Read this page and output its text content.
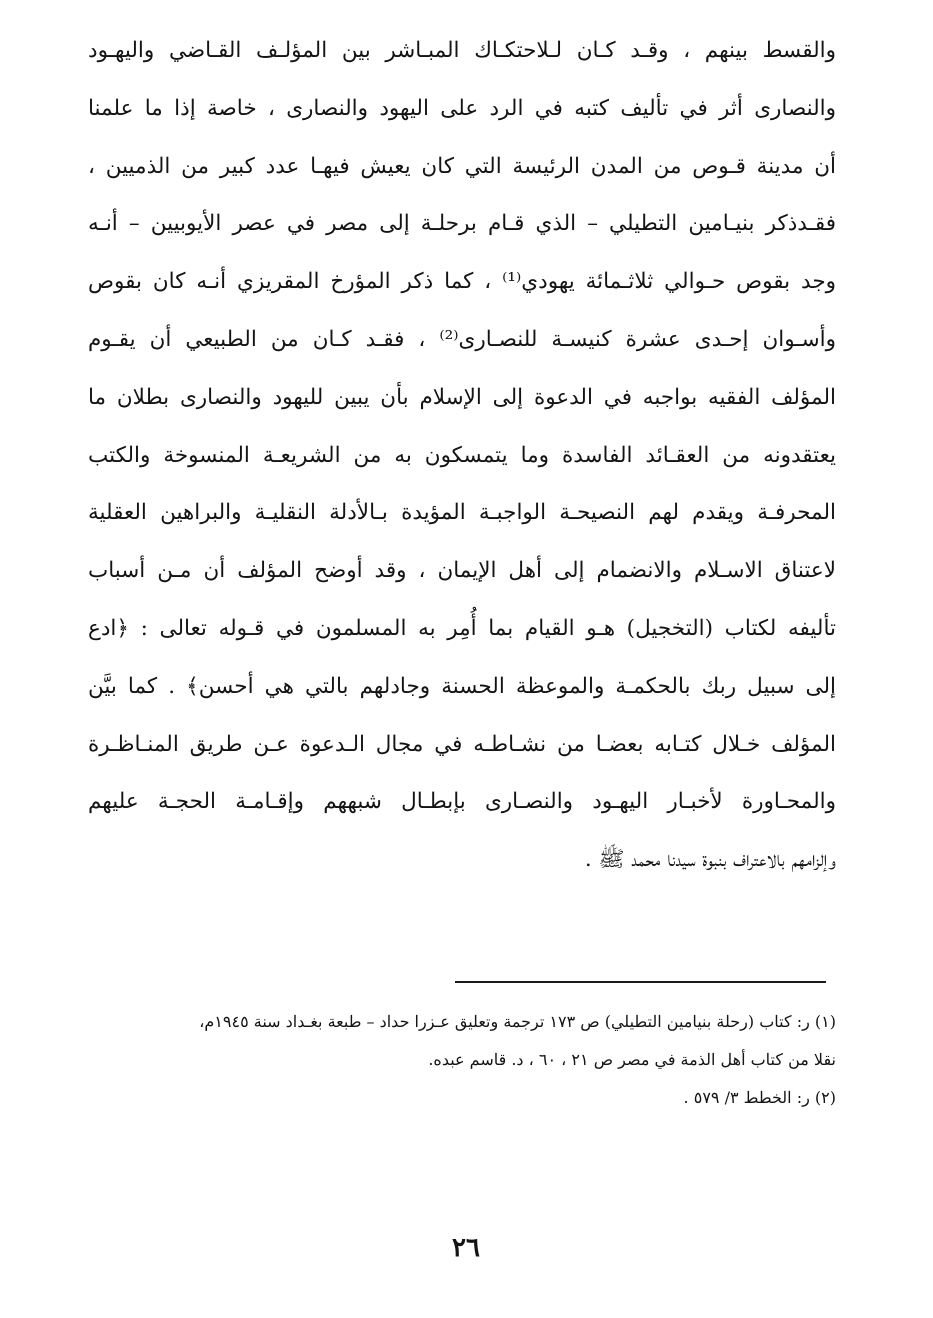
والقسط بينهم ، وقـد كـان لـلاحتكـاك المبـاشر بين المؤلـف القـاضي واليهـود
والنصارى أثر في تأليف كتبه في الرد على اليهود والنصارى ، خاصة إذا ما علمنا
أن مدينة قـوص من المدن الرئيسة التي كان يعيش فيهـا عدد كبير من الذميين ،
فقـدذكر بنيـامين التطيلي – الذي قـام برحلـة إلى مصر في عصر الأيوبيين – أنـه
وجد بقوص حـوالي ثلاثـمائة يهودي⁽¹⁾ ، كما ذكر المؤرخ المقريزي أنـه كان بقوص
وأسـوان إحـدى عشرة كنيسـة للنصـارى⁽²⁾ ، فقـد كـان من الطبيعي أن يقـوم
المؤلف الفقيه بواجبه في الدعوة إلى الإسلام بأن يبين لليهود والنصارى بطلان ما
يعتقدونه من العقـائد الفاسدة وما يتمسكون به من الشريعـة المنسوخة والكتب
المحرفـة ويقدم لهم النصيحـة الواجبـة المؤيدة بـالأدلة النقليـة والبراهين العقلية
لاعتناق الاسـلام والانضمام إلى أهل الإيمان ، وقد أوضح المؤلف أن مـن أسباب
تأليفه لكتاب (التخجيل) هـو القيام بما أُمِر به المسلمون في قـوله تعالى : ﴿ادع
إلى سبيل ربك بالحكمـة والموعظة الحسنة وجادلهم بالتي هي أحسن﴾ . كما بيَّن
المؤلف خـلال كتـابه بعضـا من نشـاطـه في مجال الـدعوة عـن طريق المنـاظـرة
والمحـاورة لأخبـار اليهـود والنصـارى بإبطـال شبههم وإقـامـة الحجـة عليهم
وإلزامهم بالاعتراف بنبوة سيدنا محمد ﷺ .
(١) ر: كتاب (رحلة بنيامين التطيلي) ص ١٧٣ ترجمة وتعليق عـزرا حداد – طبعة بغـداد سنة ١٩٤٥م،
نقلا من كتاب أهل الذمة في مصر ص ٢١ ، ٦٠ ، د. قاسم عبده.
(٢) ر: الخطط ٣/ ٥٧٩ .
٢٦
